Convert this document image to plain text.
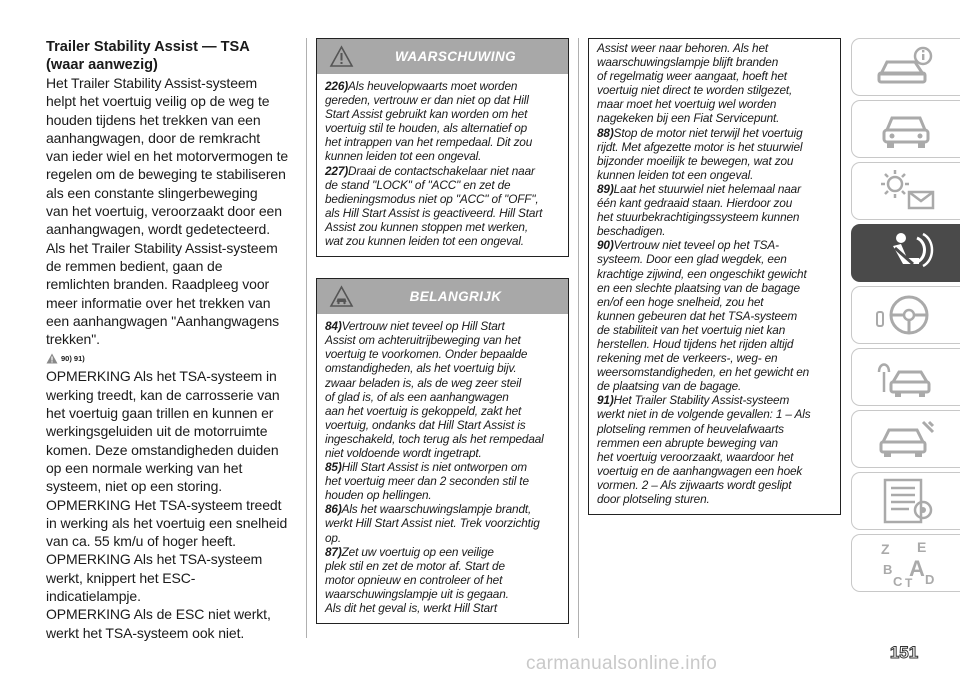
Trailer Stability Assist — TSA
(waar aanwezig)
Het Trailer Stability Assist-systeem
helpt het voertuig veilig op de weg te
houden tijdens het trekken van een
aanhangwagen, door de remkracht
van ieder wiel en het motorvermogen te
regelen om de beweging te stabiliseren
als een constante slingerbeweging
van het voertuig, veroorzaakt door een
aanhangwagen, wordt gedetecteerd.
Als het Trailer Stability Assist-systeem
de remmen bedient, gaan de
remlichten branden. Raadpleeg voor
meer informatie over het trekken van
een aanhangwagen "Aanhangwagens
trekken".
90) 91)
OPMERKING Als het TSA-systeem in
werking treedt, kan de carrosserie van
het voertuig gaan trillen en kunnen er
werkingsgeluiden uit de motorruimte
komen. Deze omstandigheden duiden
op een normale werking van het
systeem, niet op een storing.
OPMERKING Het TSA-systeem treedt
in werking als het voertuig een snelheid
van ca. 55 km/u of hoger heeft.
OPMERKING Als het TSA-systeem
werkt, knippert het ESC-
indicatielampje.
OPMERKING Als de ESC niet werkt,
werkt het TSA-systeem ook niet.
WAARSCHUWING
226)Als heuvelopwaarts moet worden
gereden, vertrouw er dan niet op dat Hill
Start Assist gebruikt kan worden om het
voertuig stil te houden, als alternatief op
het intrappen van het rempedaal. Dit zou
kunnen leiden tot een ongeval.
227)Draai de contactschakelaar niet naar
de stand "LOCK" of "ACC" en zet de
bedieningsmodus niet op "ACC" of "OFF",
als Hill Start Assist is geactiveerd. Hill Start
Assist zou kunnen stoppen met werken,
wat zou kunnen leiden tot een ongeval.
BELANGRIJK
84)Vertrouw niet teveel op Hill Start
Assist om achteruitrijbeweging van het
voertuig te voorkomen. Onder bepaalde
omstandigheden, als het voertuig bijv.
zwaar beladen is, als de weg zeer steil
of glad is, of als een aanhangwagen
aan het voertuig is gekoppeld, zakt het
voertuig, ondanks dat Hill Start Assist is
ingeschakeld, toch terug als het rempedaal
niet voldoende wordt ingetrapt.
85)Hill Start Assist is niet ontworpen om
het voertuig meer dan 2 seconden stil te
houden op hellingen.
86)Als het waarschuwingslampje brandt,
werkt Hill Start Assist niet. Trek voorzichtig
op.
87)Zet uw voertuig op een veilige
plek stil en zet de motor af. Start de
motor opnieuw en controleer of het
waarschuwingslampje uit is gegaan.
Als dit het geval is, werkt Hill Start
Assist weer naar behoren. Als het
waarschuwingslampje blijft branden
of regelmatig weer aangaat, hoeft het
voertuig niet direct te worden stilgezet,
maar moet het voertuig wel worden
nagekeken bij een Fiat Servicepunt.
88)Stop de motor niet terwijl het voertuig
rijdt. Met afgezette motor is het stuurwiel
bijzonder moeilijk te bewegen, wat zou
kunnen leiden tot een ongeval.
89)Laat het stuurwiel niet helemaal naar
één kant gedraaid staan. Hierdoor zou
het stuurbekrachtigingssysteem kunnen
beschadigen.
90)Vertrouw niet teveel op het TSA-
systeem. Door een glad wegdek, een
krachtige zijwind, een ongeschikt gewicht
en een slechte plaatsing van de bagage
en/of een hoge snelheid, zou het
kunnen gebeuren dat het TSA-systeem
de stabiliteit van het voertuig niet kan
herstellen. Houd tijdens het rijden altijd
rekening met de verkeers-, weg- en
weersomstandigheden, en het gewicht en
de plaatsing van de bagage.
91)Het Trailer Stability Assist-systeem
werkt niet in de volgende gevallen: 1 – Als
plotseling remmen of heuvelafwaarts
remmen een abrupte beweging van
het voertuig veroorzaakt, waardoor het
voertuig en de aanhangwagen een hoek
vormen. 2 – Als zijwaarts wordt geslipt
door plotseling sturen.
Z E
B A
C T D
151
carmanualsonline.info
